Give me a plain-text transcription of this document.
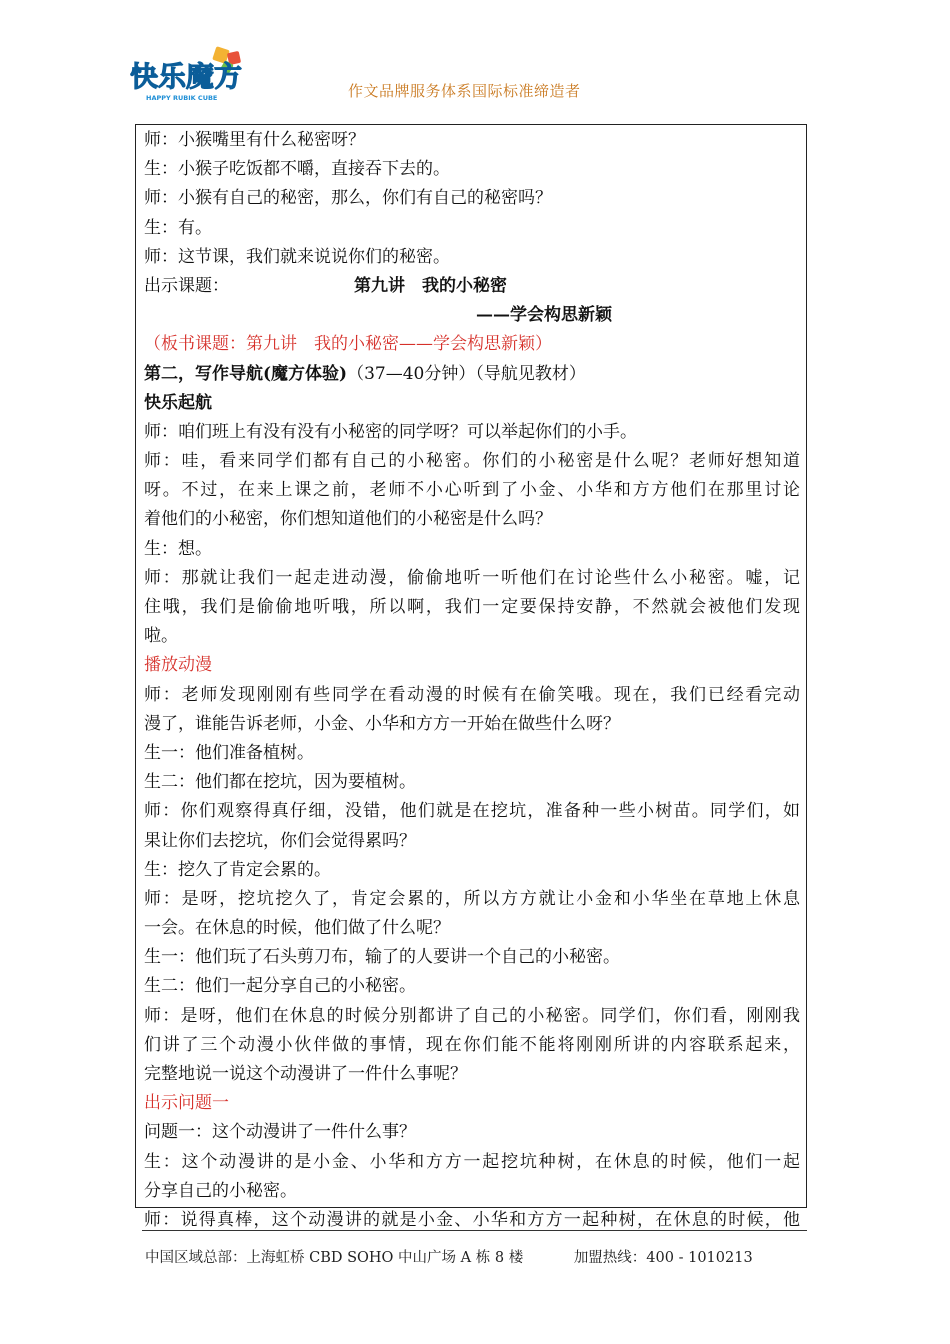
快乐魔方
HAPPY RUBIK CUBE	作文品牌服务体系国际标准缔造者
师：小猴嘴里有什么秘密呀？
生：小猴子吃饭都不嚼，直接吞下去的。
师：小猴有自己的秘密，那么，你们有自己的秘密吗？
生：有。
师：这节课，我们就来说说你们的秘密。
出示课题：	第九讲　我的小秘密
——学会构思新颖
（板书课题：第九讲　我的小秘密——学会构思新颖）
第二，写作导航(魔方体验)（37—40分钟）（导航见教材）
快乐起航
师：咱们班上有没有没有小秘密的同学呀？可以举起你们的小手。
师：哇，看来同学们都有自己的小秘密。你们的小秘密是什么呢？老师好想知道
呀。不过，在来上课之前，老师不小心听到了小金、小华和方方他们在那里讨论
着他们的小秘密，你们想知道他们的小秘密是什么吗？
生：想。
师：那就让我们一起走进动漫，偷偷地听一听他们在讨论些什么小秘密。嘘，记
住哦，我们是偷偷地听哦，所以啊，我们一定要保持安静，不然就会被他们发现
啦。
播放动漫
师：老师发现刚刚有些同学在看动漫的时候有在偷笑哦。现在，我们已经看完动
漫了，谁能告诉老师，小金、小华和方方一开始在做些什么呀？
生一：他们准备植树。
生二：他们都在挖坑，因为要植树。
师：你们观察得真仔细，没错，他们就是在挖坑，准备种一些小树苗。同学们，如
果让你们去挖坑，你们会觉得累吗？
生：挖久了肯定会累的。
师：是呀，挖坑挖久了，肯定会累的，所以方方就让小金和小华坐在草地上休息
一会。在休息的时候，他们做了什么呢？
生一：他们玩了石头剪刀布，输了的人要讲一个自己的小秘密。
生二：他们一起分享自己的小秘密。
师：是呀，他们在休息的时候分别都讲了自己的小秘密。同学们，你们看，刚刚我
们讲了三个动漫小伙伴做的事情，现在你们能不能将刚刚所讲的内容联系起来，
完整地说一说这个动漫讲了一件什么事呢？
出示问题一
问题一：这个动漫讲了一件什么事？
生：这个动漫讲的是小金、小华和方方一起挖坑种树，在休息的时候，他们一起
分享自己的小秘密。
师：说得真棒，这个动漫讲的就是小金、小华和方方一起种树，在休息的时候，他
中国区域总部：上海虹桥 CBD SOHO 中山广场 A 栋 8 楼	加盟热线：400 - 1010213
